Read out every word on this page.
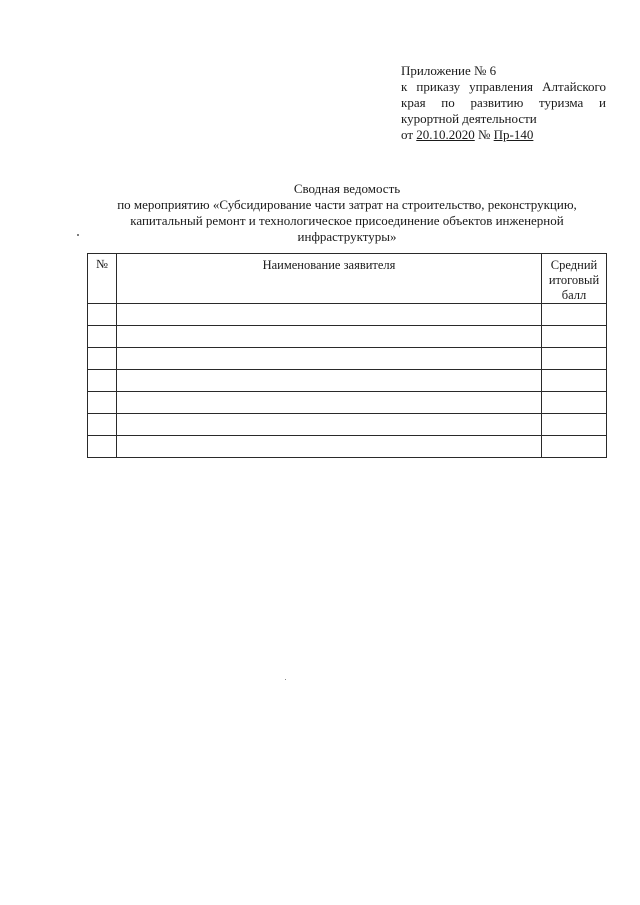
Приложение № 6
к приказу управления Алтайского
края по развитию туризма и
курортной деятельности
от 20.10.2020 № Пр-140
Сводная ведомость
по мероприятию «Субсидирование части затрат на строительство, реконструкцию,
капитальный ремонт и технологическое присоединение объектов инженерной
инфраструктуры»
№	Наименование заявителя	Средний итоговый балл
